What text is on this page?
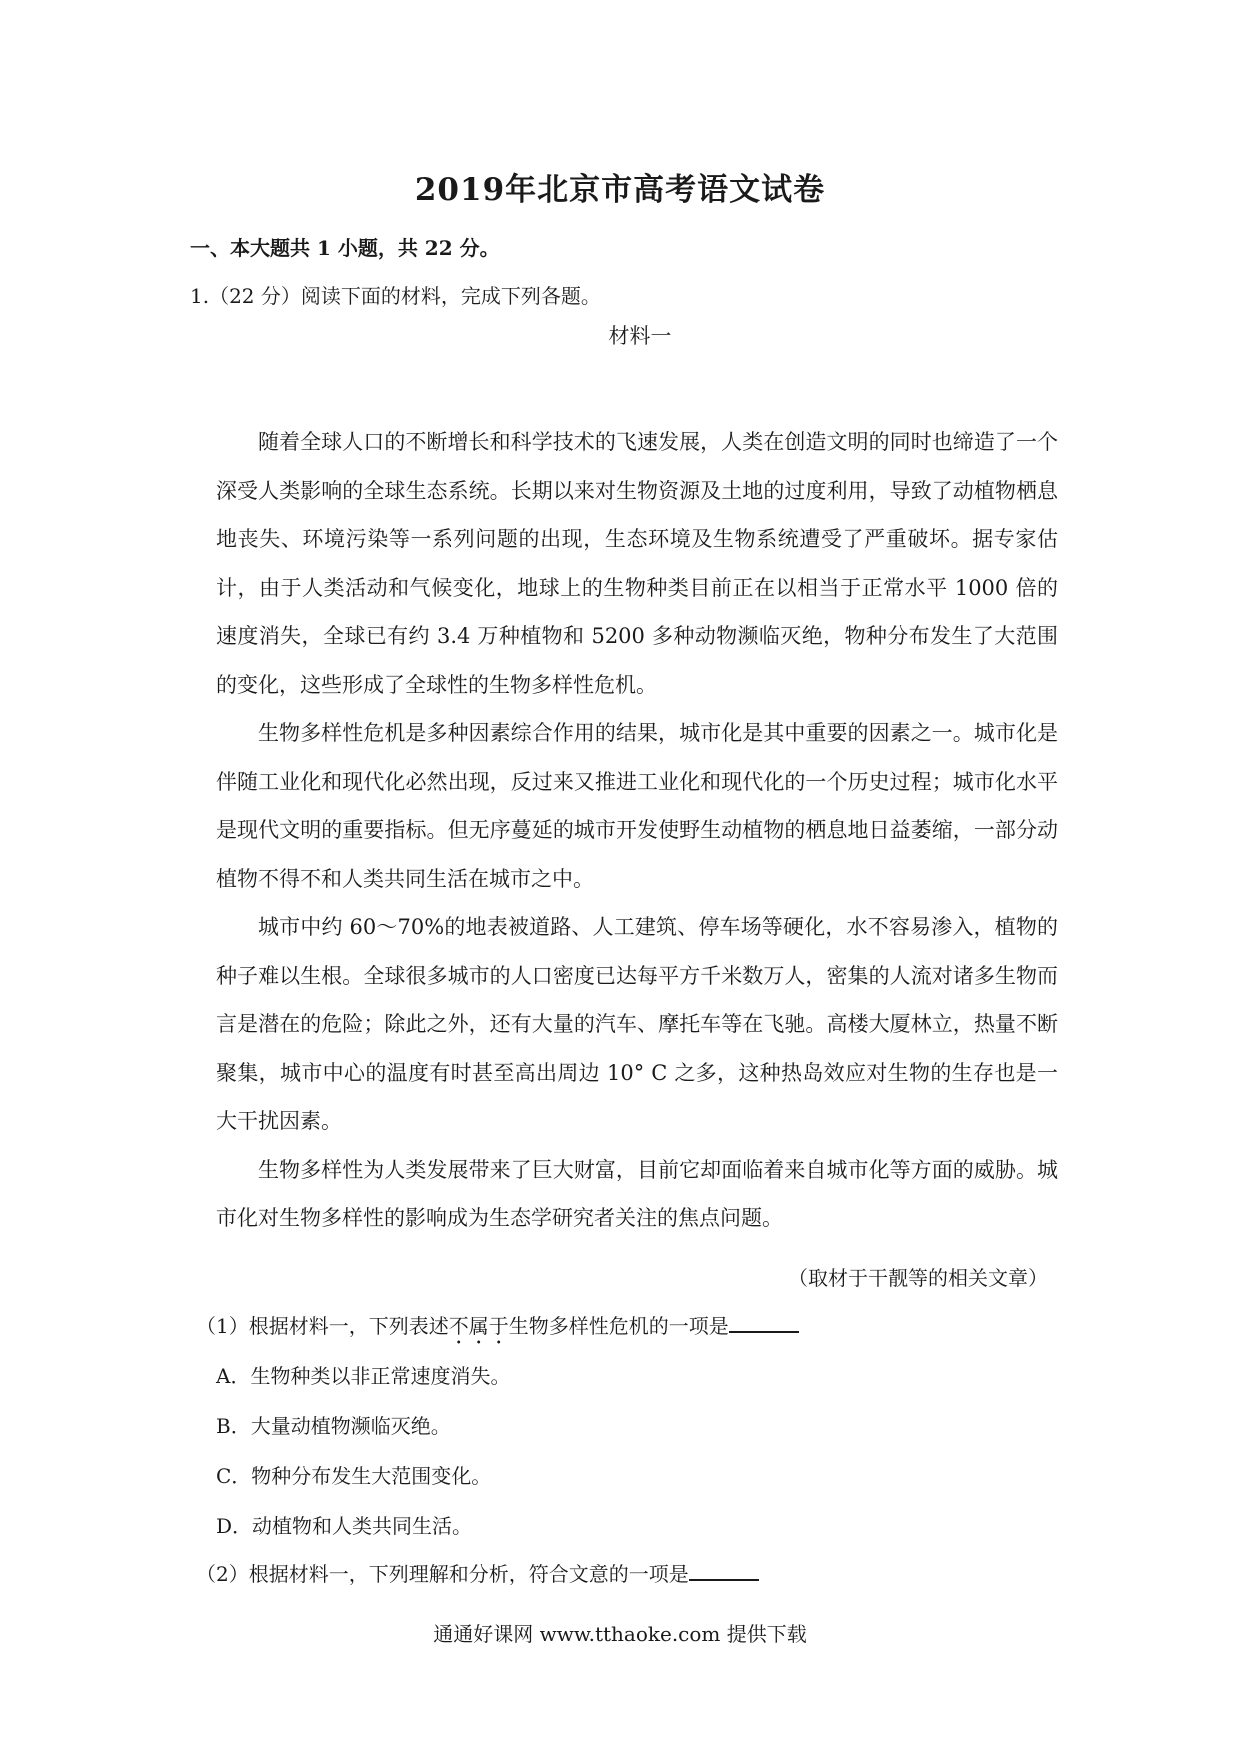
2019年北京市高考语文试卷
一、本大题共 1 小题，共 22 分。
1.（22 分）阅读下面的材料，完成下列各题。
材料一

随着全球人口的不断增长和科学技术的飞速发展，人类在创造文明的同时也缔造了一个深受人类影响的全球生态系统。长期以来对生物资源及土地的过度利用，导致了动植物栖息地丧失、环境污染等一系列问题的出现，生态环境及生物系统遭受了严重破坏。据专家估计，由于人类活动和气候变化，地球上的生物种类目前正在以相当于正常水平 1000 倍的速度消失，全球已有约 3.4 万种植物和 5200 多种动物濒临灭绝，物种分布发生了大范围的变化，这些形成了全球性的生物多样性危机。

生物多样性危机是多种因素综合作用的结果，城市化是其中重要的因素之一。城市化是伴随工业化和现代化必然出现，反过来又推进工业化和现代化的一个历史过程；城市化水平是现代文明的重要指标。但无序蔓延的城市开发使野生动植物的栖息地日益萎缩，一部分动植物不得不和人类共同生活在城市之中。

城市中约 60～70%的地表被道路、人工建筑、停车场等硬化，水不容易渗入，植物的种子难以生根。全球很多城市的人口密度已达每平方千米数万人，密集的人流对诸多生物而言是潜在的危险；除此之外，还有大量的汽车、摩托车等在飞驰。高楼大厦林立，热量不断聚集，城市中心的温度有时甚至高出周边 10° C 之多，这种热岛效应对生物的生存也是一大干扰因素。

生物多样性为人类发展带来了巨大财富，目前它却面临着来自城市化等方面的威胁。城市化对生物多样性的影响成为生态学研究者关注的焦点问题。

（取材于干靓等的相关文章）
（1）根据材料一，下列表述不属于生物多样性危机的一项是
A．生物种类以非正常速度消失。
B．大量动植物濒临灭绝。
C．物种分布发生大范围变化。
D．动植物和人类共同生活。
（2）根据材料一，下列理解和分析，符合文意的一项是
通通好课网 www.tthaoke.com 提供下载
